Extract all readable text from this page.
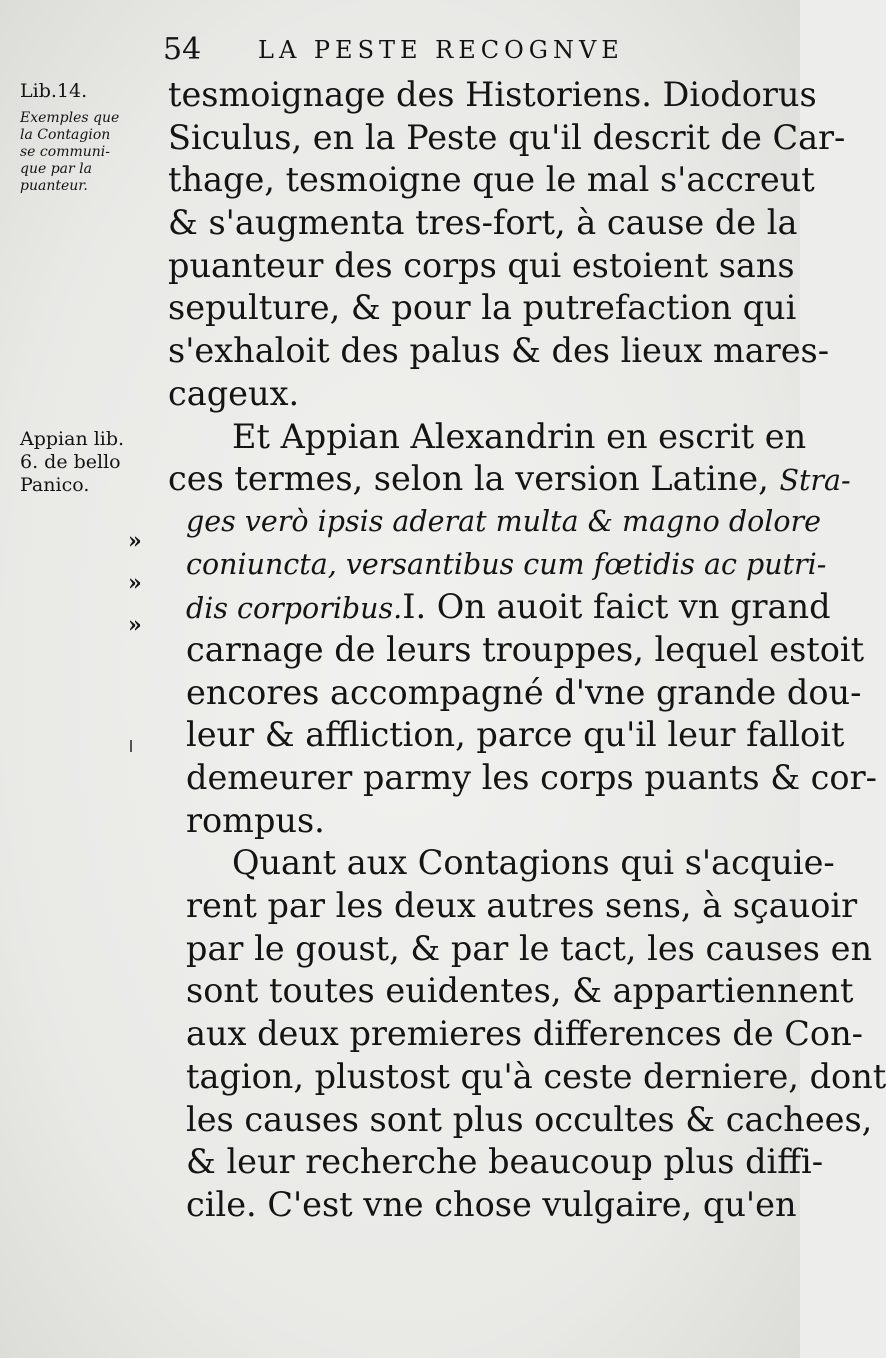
54 LA PESTE RECOGNVE
Lib.14.
Exemples que
la Contagion
se communi-
que par la
puanteur.
Appian lib.
6. de bello
Panico.
»
»
»
tesmoignage des Historiens. Diodorus
Siculus, en la Peste qu'il descrit de Car-
thage, tesmoigne que le mal s'accreut
& s'augmenta tres-fort, à cause de la
puanteur des corps qui estoient sans
sepulture, & pour la putrefaction qui
s'exhaloit des palus & des lieux mares-
cageux.
Et Appian Alexandrin en escrit en
ces termes, selon la version Latine, Stra-
ges verò ipsis aderat multa & magno dolore
coniuncta, versantibus cum fœtidis ac putri-
dis corporibus.I. On auoit faict vn grand
carnage de leurs trouppes, lequel estoit
encores accompagné d'vne grande dou-
leur & affliction, parce qu'il leur falloit
demeurer parmy les corps puants & cor-
rompus.
Quant aux Contagions qui s'acquie-
rent par les deux autres sens, à sçauoir
par le goust, & par le tact, les causes en
sont toutes euidentes, & appartiennent
aux deux premieres differences de Con-
tagion, plustost qu'à ceste derniere, dont
les causes sont plus occultes & cachees,
& leur recherche beaucoup plus diffi-
cile. C'est vne chose vulgaire, qu'en
